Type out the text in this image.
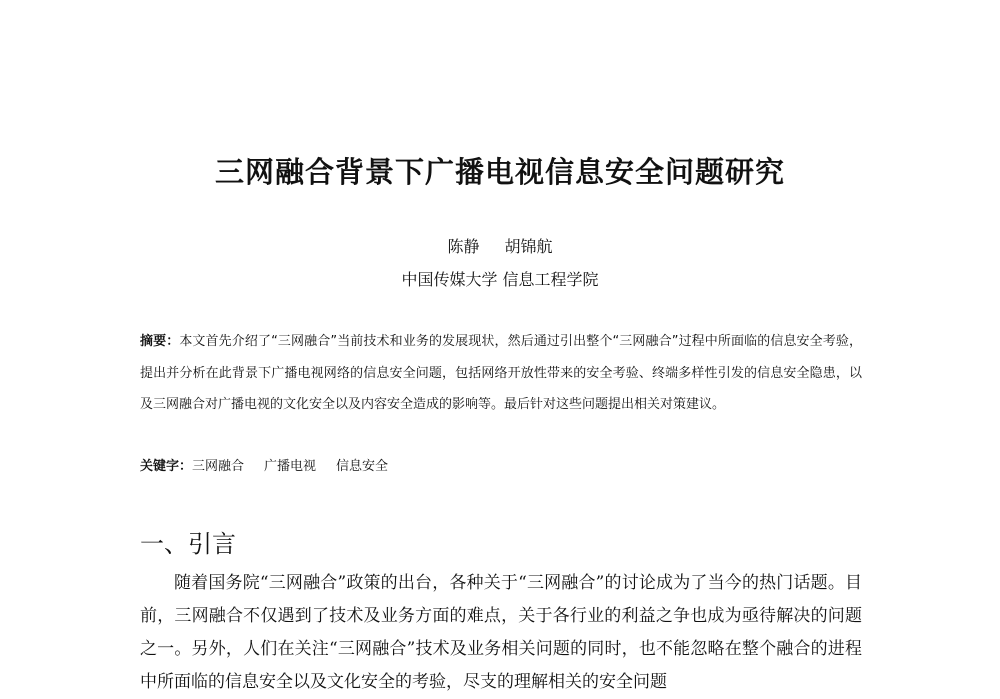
三网融合背景下广播电视信息安全问题研究
陈静 胡锦航
中国传媒大学 信息工程学院
摘要：本文首先介绍了“三网融合”当前技术和业务的发展现状，然后通过引出整个“三网融合”过程中所面临的信息安全考验，提出并分析在此背景下广播电视网络的信息安全问题，包括网络开放性带来的安全考验、终端多样性引发的信息安全隐患，以及三网融合对广播电视的文化安全以及内容安全造成的影响等。最后针对这些问题提出相关对策建议。
关键字：三网融合 广播电视 信息安全
一、引言
随着国务院“三网融合”政策的出台，各种关于“三网融合”的讨论成为了当今的热门话题。目前，三网融合不仅遇到了技术及业务方面的难点，关于各行业的利益之争也成为亟待解决的问题之一。另外，人们在关注“三网融合”技术及业务相关问题的同时，也不能忽略在整个融合的进程中所面临的信息安全以及文化安全的考验，尽支的理解相关的安全问题
